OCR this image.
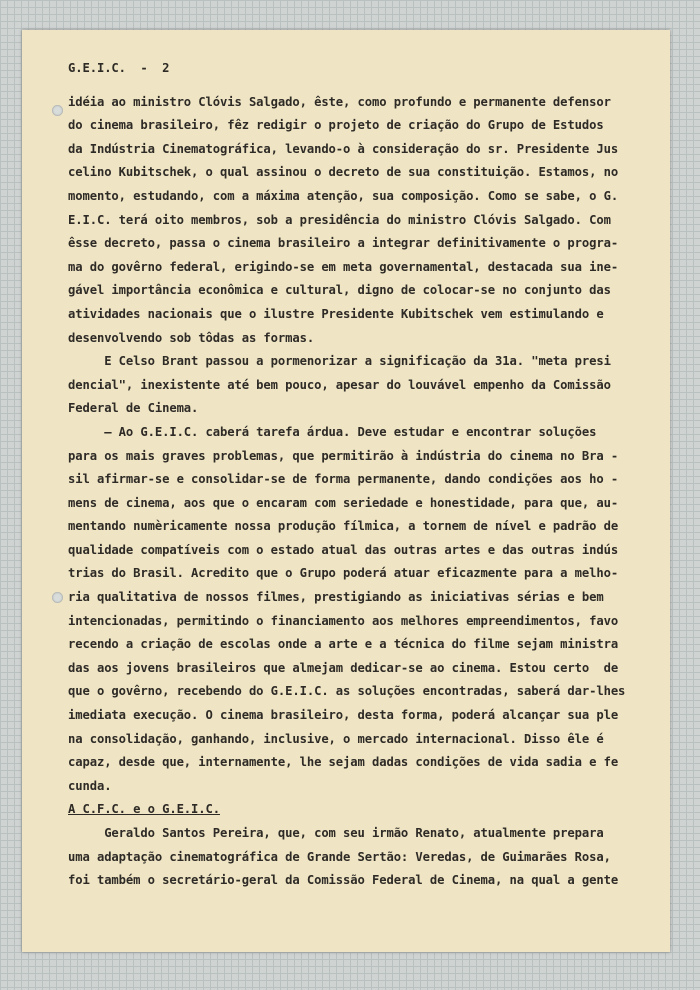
G.E.I.C.  -  2
idéia ao ministro Clóvis Salgado, êste, como profundo e permanente defensor
do cinema brasileiro, fêz redigir o projeto de criação do Grupo de Estudos
da Indústria Cinematográfica, levando-o à consideração do sr. Presidente Jus
celino Kubitschek, o qual assinou o decreto de sua constituição. Estamos, no
momento, estudando, com a máxima atenção, sua composição. Como se sabe, o G.
E.I.C. terá oito membros, sob a presidência do ministro Clóvis Salgado. Com
êsse decreto, passa o cinema brasileiro a integrar definitivamente o progra-
ma do govêrno federal, erigindo-se em meta governamental, destacada sua ine-
gável importância econômica e cultural, digno de colocar-se no conjunto das
atividades nacionais que o ilustre Presidente Kubitschek vem estimulando e
desenvolvendo sob tôdas as formas.
E Celso Brant passou a pormenorizar a significação da 31a. "meta presi
dencial", inexistente até bem pouco, apesar do louvável empenho da Comissão
Federal de Cinema.
— Ao G.E.I.C. caberá tarefa árdua. Deve estudar e encontrar soluções
para os mais graves problemas, que permitirão à indústria do cinema no Bra -
sil afirmar-se e consolidar-se de forma permanente, dando condições aos ho -
mens de cinema, aos que o encaram com seriedade e honestidade, para que, au-
mentando numèricamente nossa produção fílmica, a tornem de nível e padrão de
qualidade compatíveis com o estado atual das outras artes e das outras indús
trias do Brasil. Acredito que o Grupo poderá atuar eficazmente para a melho-
ria qualitativa de nossos filmes, prestigiando as iniciativas sérias e bem
intencionadas, permitindo o financiamento aos melhores empreendimentos, favo
recendo a criação de escolas onde a arte e a técnica do filme sejam ministra
das aos jovens brasileiros que almejam dedicar-se ao cinema. Estou certo  de
que o govêrno, recebendo do G.E.I.C. as soluções encontradas, saberá dar-lhes
imediata execução. O cinema brasileiro, desta forma, poderá alcançar sua ple
na consolidação, ganhando, inclusive, o mercado internacional. Disso êle é
capaz, desde que, internamente, lhe sejam dadas condições de vida sadia e fe
cunda.
A C.F.C. e o G.E.I.C.
Geraldo Santos Pereira, que, com seu irmão Renato, atualmente prepara
uma adaptação cinematográfica de Grande Sertão: Veredas, de Guimarães Rosa,
foi também o secretário-geral da Comissão Federal de Cinema, na qual a gente
